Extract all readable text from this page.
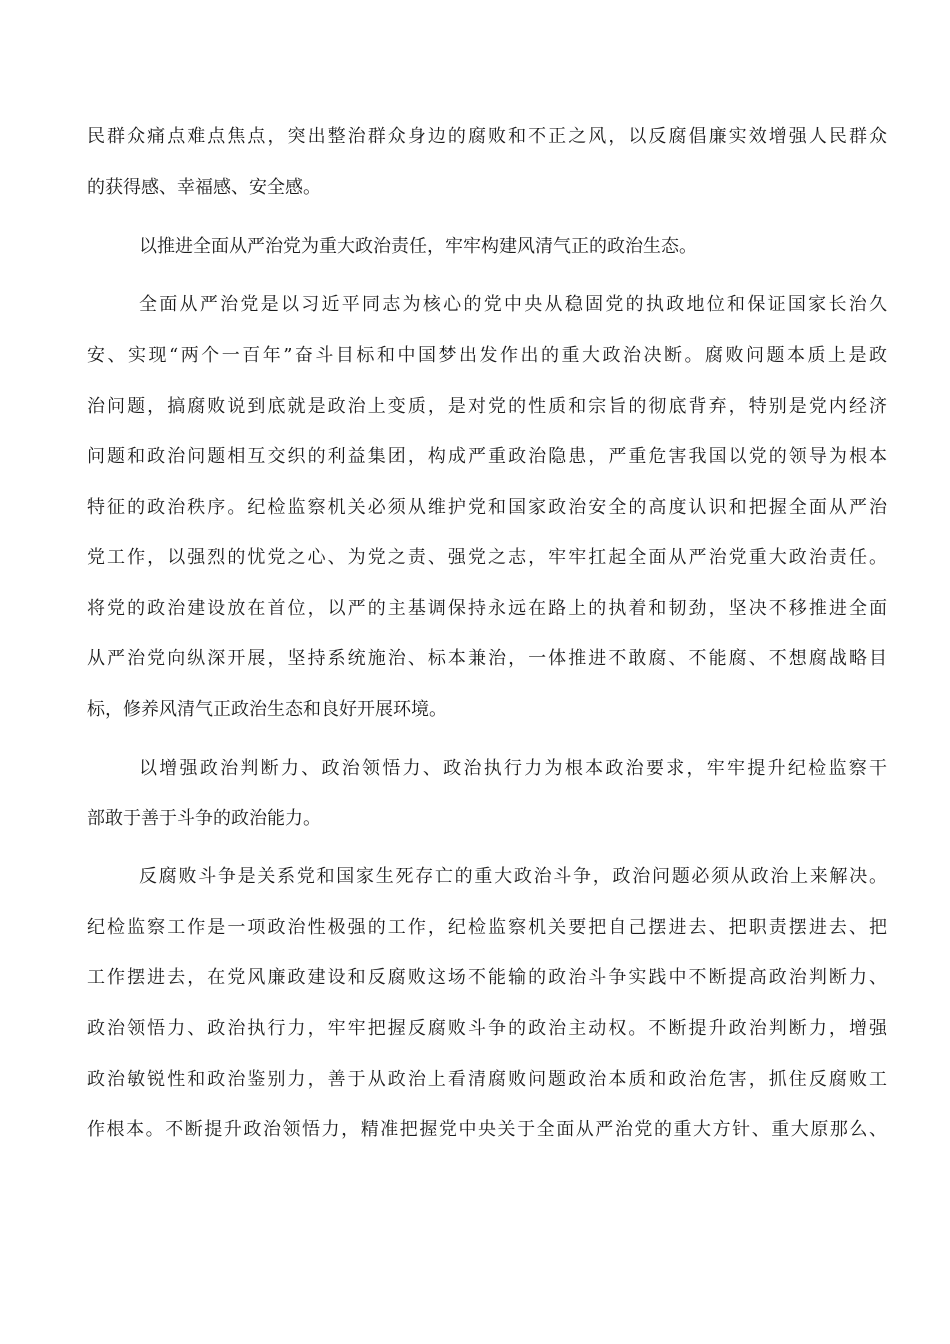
民群众痛点难点焦点，突出整治群众身边的腐败和不正之风，以反腐倡廉实效增强人民群众
的获得感、幸福感、安全感。
以推进全面从严治党为重大政治责任，牢牢构建风清气正的政治生态。
全面从严治党是以习近平同志为核心的党中央从稳固党的执政地位和保证国家长治久
安、实现“两个一百年”奋斗目标和中国梦出发作出的重大政治决断。腐败问题本质上是政
治问题，搞腐败说到底就是政治上变质，是对党的性质和宗旨的彻底背弃，特别是党内经济
问题和政治问题相互交织的利益集团，构成严重政治隐患，严重危害我国以党的领导为根本
特征的政治秩序。纪检监察机关必须从维护党和国家政治安全的高度认识和把握全面从严治
党工作，以强烈的忧党之心、为党之责、强党之志，牢牢扛起全面从严治党重大政治责任。
将党的政治建设放在首位，以严的主基调保持永远在路上的执着和韧劲，坚决不移推进全面
从严治党向纵深开展，坚持系统施治、标本兼治，一体推进不敢腐、不能腐、不想腐战略目
标，修养风清气正政治生态和良好开展环境。
以增强政治判断力、政治领悟力、政治执行力为根本政治要求，牢牢提升纪检监察干
部敢于善于斗争的政治能力。
反腐败斗争是关系党和国家生死存亡的重大政治斗争，政治问题必须从政治上来解决。
纪检监察工作是一项政治性极强的工作，纪检监察机关要把自己摆进去、把职责摆进去、把
工作摆进去，在党风廉政建设和反腐败这场不能输的政治斗争实践中不断提高政治判断力、
政治领悟力、政治执行力，牢牢把握反腐败斗争的政治主动权。不断提升政治判断力，增强
政治敏锐性和政治鉴别力，善于从政治上看清腐败问题政治本质和政治危害，抓住反腐败工
作根本。不断提升政治领悟力，精准把握党中央关于全面从严治党的重大方针、重大原那么、
